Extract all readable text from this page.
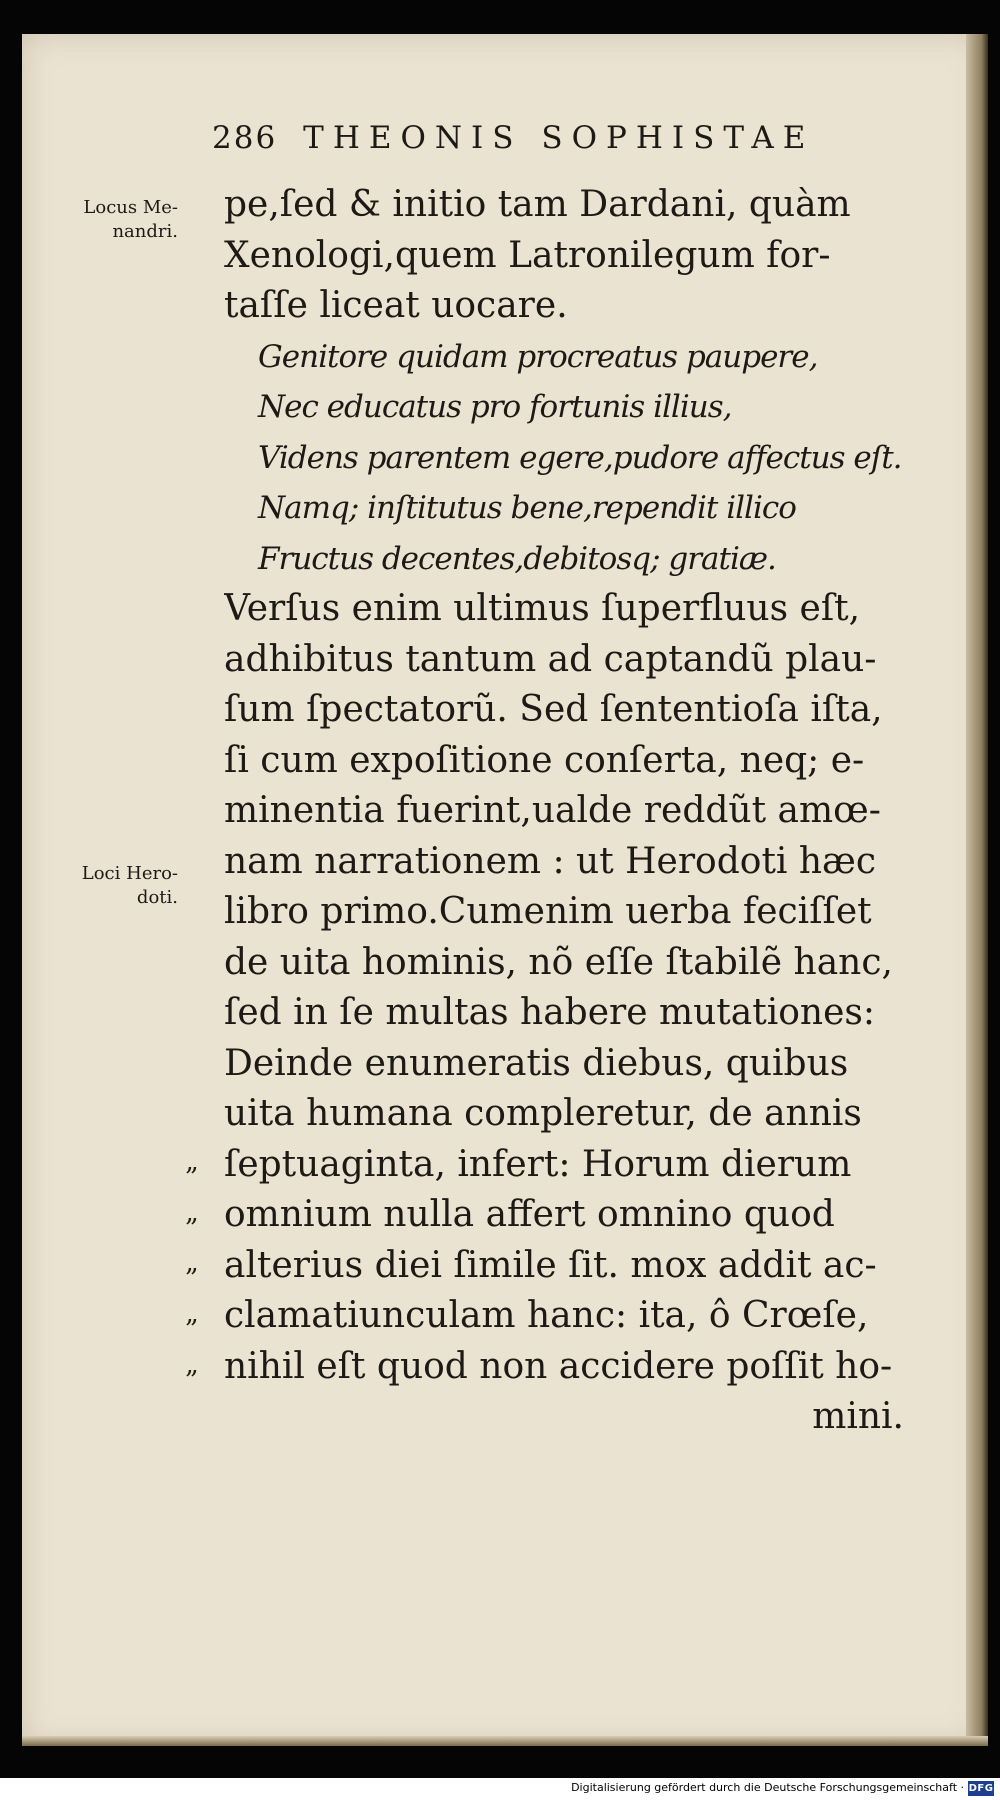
286 THEONIS SOPHISTAE
Locus Me-
nandri.
Loci Hero-
doti.
„
„
„
„
„
pe,ſed & initio tam Dardani, quàm
Xenologi,quem Latronilegum for-
taſſe liceat uocare.
Genitore quidam procreatus paupere,
Nec educatus pro fortunis illius,
Videns parentem egere,pudore affectus eſt.
Namq; inſtitutus bene,rependit illico
Fructus decentes,debitosq; gratiæ.
Verſus enim ultimus ſuperfluus eſt,
adhibitus tantum ad captandũ plau-
ſum ſpectatorũ. Sed ſententioſa iſta,
ſi cum expoſitione conſerta, neq; e-
minentia fuerint,ualde reddũt amœ-
nam narrationem : ut Herodoti hæc
libro primo.Cumenim uerba feciſſet
de uita hominis, nõ eſſe ſtabilẽ hanc,
ſed in ſe multas habere mutationes:
Deinde enumeratis diebus, quibus
uita humana compleretur, de annis
ſeptuaginta, infert: Horum dierum
omnium nulla affert omnino quod
alterius diei ſimile ſit. mox addit ac-
clamatiunculam hanc: ita, ô Crœſe,
nihil eſt quod non accidere poſſit ho-
mini.
Digitalisierung gefördert durch die Deutsche Forschungsgemeinschaft · DFG
